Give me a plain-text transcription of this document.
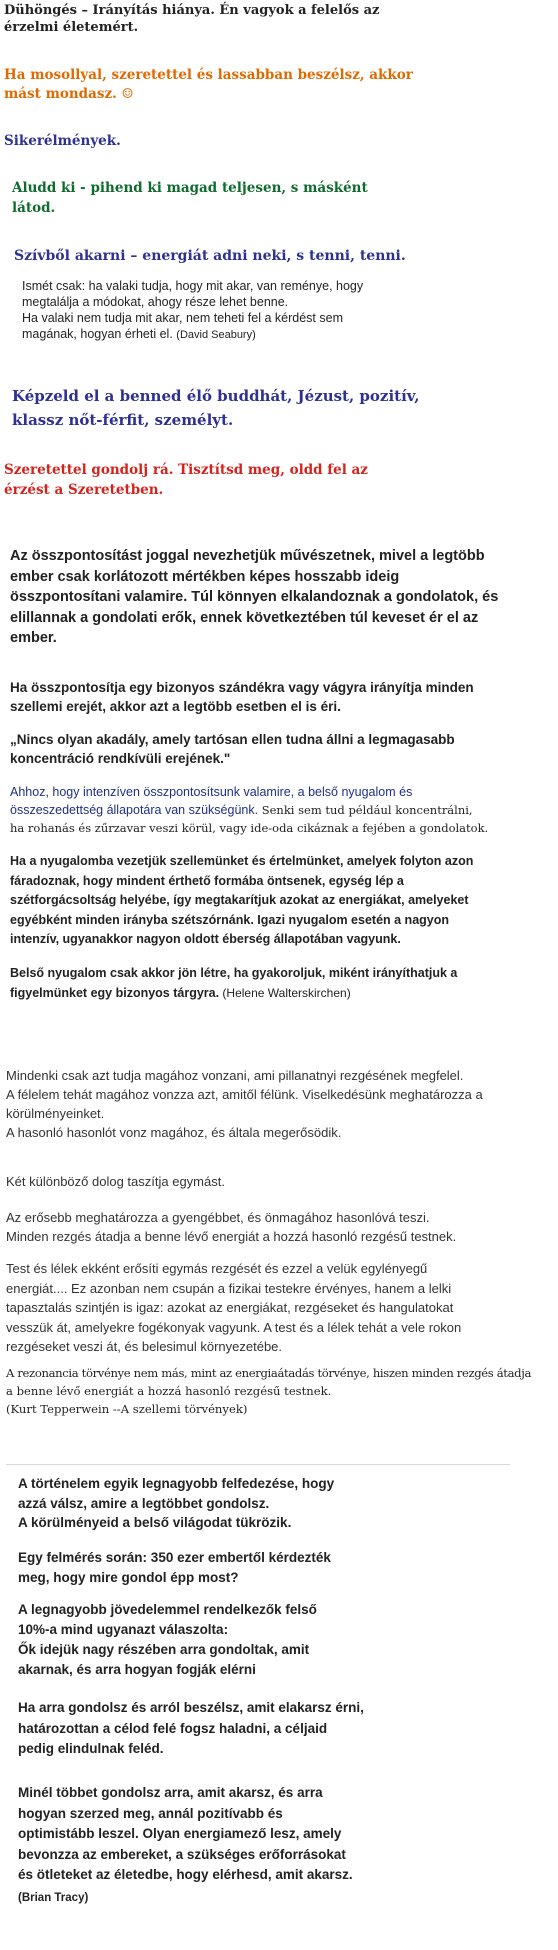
Dühöngés – Irányítás hiánya. Én vagyok a felelős az

érzelmi életemért.

Ha mosollyal, szeretettel és lassabban beszélsz, akkor

mást mondasz. ☺

Sikerélmények.

Aludd ki - pihend ki magad teljesen, s másként

látod.

Szívből akarni – energiát adni neki, s tenni, tenni.

Ismét csak: ha valaki tudja, hogy mit akar, van reménye, hogy

megtalálja a módokat, ahogy része lehet benne.

Ha valaki nem tudja mit akar, nem teheti fel a kérdést sem

magának, hogyan érheti el. (David Seabury)

Képzeld el a benned élő buddhát, Jézust, pozitív,

klassz nőt-férfit, személyt.

Szeretettel gondolj rá. Tisztítsd meg, oldd fel az

érzést a Szeretetben.

Az összpontosítást joggal nevezhetjük művészetnek, mivel a legtöbb

ember csak korlátozott mértékben képes hosszabb ideig

összpontosítani valamire. Túl könnyen elkalandoznak a gondolatok, és

elillannak a gondolati erők, ennek következtében túl keveset ér el az

ember.

Ha összpontosítja egy bizonyos szándékra vagy vágyra irányítja minden

szellemi erejét, akkor azt a legtöbb esetben el is éri.

„Nincs olyan akadály, amely tartósan ellen tudna állni a legmagasabb

koncentráció rendkívüli erejének."

Ahhoz, hogy intenzíven összpontosítsunk valamire, a belső nyugalom és

összeszedettség állapotára van szükségünk. Senki sem tud például koncentrálni,

ha rohanás és zűrzavar veszi körül, vagy ide-oda cikáznak a fejében a gondolatok.

Ha a nyugalomba vezetjük szellemünket és értelmünket, amelyek folyton azon

fáradoznak, hogy mindent érthető formába öntsenek, egység lép a

szétforgácsoltság helyébe, így megtakarítjuk azokat az energiákat, amelyeket

egyébként minden irányba szétszórnánk. Igazi nyugalom esetén a nagyon

intenzív, ugyanakkor nagyon oldott éberség állapotában vagyunk.

Belső nyugalom csak akkor jön létre, ha gyakoroljuk, miként irányíthatjuk a

figyelmünket egy bizonyos tárgyra. (Helene Walterskirchen)

Mindenki csak azt tudja magához vonzani, ami pillanatnyi rezgésének megfelel.

A félelem tehát magához vonzza azt, amitől félünk. Viselkedésünk meghatározza a

körülményeinket.

A hasonló hasonlót vonz magához, és általa megerősödik.

Két különböző dolog taszítja egymást.

Az erősebb meghatározza a gyengébbet, és önmagához hasonlóvá teszi.

Minden rezgés átadja a benne lévő energiát a hozzá hasonló rezgésű testnek.

Test és lélek ekként erősíti egymás rezgését és ezzel a velük egylényegű

energiát.... Ez azonban nem csupán a fizikai testekre érvényes, hanem a lelki

tapasztalás szintjén is igaz: azokat az energiákat, rezgéseket és hangulatokat

vesszük át, amelyekre fogékonyak vagyunk. A test és a lélek tehát a vele rokon

rezgéseket veszi át, és belesimul környezetébe.

A rezonancia törvénye nem más, mint az energiaátadás törvénye, hiszen minden rezgés átadja

a benne lévő energiát a hozzá hasonló rezgésű testnek.

(Kurt Tepperwein --A szellemi törvények)

A történelem egyik legnagyobb felfedezése, hogy

azzá válsz, amire a legtöbbet gondolsz.

A körülményeid a belső világodat tükrözik.

Egy felmérés során: 350 ezer embertől kérdezték

meg, hogy mire gondol épp most?

A legnagyobb jövedelemmel rendelkezők felső

10%-a mind ugyanazt válaszolta:

Ők idejük nagy részében arra gondoltak, amit

akarnak, és arra hogyan fogják elérni

Ha arra gondolsz és arról beszélsz, amit elakarsz érni,

határozottan a célod felé fogsz haladni, a céljaid

pedig elindulnak feléd.

Minél többet gondolsz arra, amit akarsz, és arra

hogyan szerzed meg, annál pozitívabb és

optimistább leszel. Olyan energiamező lesz, amely

bevonzza az embereket, a szükséges erőforrásokat

és ötleteket az életedbe, hogy elérhesd, amit akarsz.

(Brian Tracy)
